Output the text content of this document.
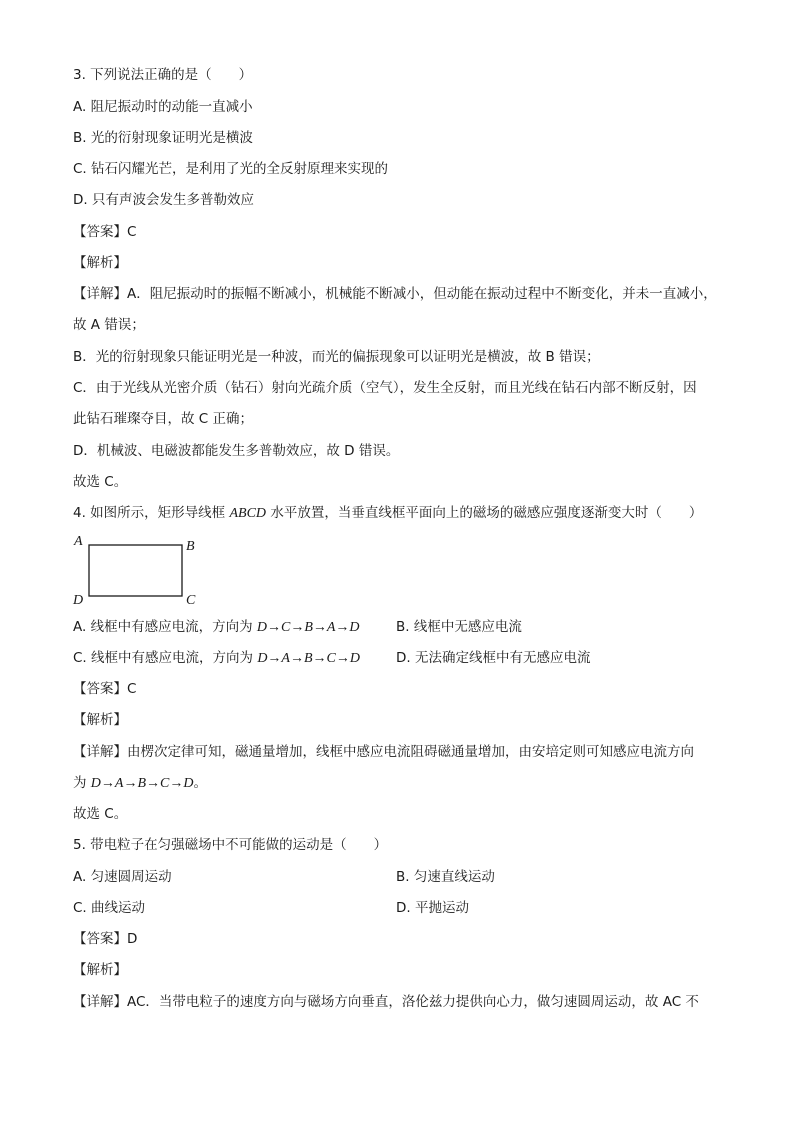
3. 下列说法正确的是（　　）
A. 阻尼振动时的动能一直减小
B. 光的衍射现象证明光是横波
C. 钻石闪耀光芒，是利用了光的全反射原理来实现的
D. 只有声波会发生多普勒效应
【答案】C
【解析】
【详解】A．阻尼振动时的振幅不断减小，机械能不断减小，但动能在振动过程中不断变化，并未一直减小，
故 A 错误；
B．光的衍射现象只能证明光是一种波，而光的偏振现象可以证明光是横波，故 B 错误；
C．由于光线从光密介质（钻石）射向光疏介质（空气），发生全反射，而且光线在钻石内部不断反射，因
此钻石璀璨夺目，故 C 正确；
D．机械波、电磁波都能发生多普勒效应，故 D 错误。
故选 C。
4. 如图所示，矩形导线框 ABCD 水平放置，当垂直线框平面向上的磁场的磁感应强度逐渐变大时（　　）
A	B
C
D
A. 线框中有感应电流，方向为 D→C→B→A→D	B. 线框中无感应电流
C. 线框中有感应电流，方向为 D→A→B→C→D	D. 无法确定线框中有无感应电流
【答案】C
【解析】
【详解】由楞次定律可知，磁通量增加，线框中感应电流阻碍磁通量增加，由安培定则可知感应电流方向
为 D→A→B→C→D。
故选 C。
5. 带电粒子在匀强磁场中不可能做的运动是（　　）
A. 匀速圆周运动	B. 匀速直线运动
C. 曲线运动	D. 平抛运动
【答案】D
【解析】
【详解】AC．当带电粒子的速度方向与磁场方向垂直，洛伦兹力提供向心力，做匀速圆周运动，故 AC 不
